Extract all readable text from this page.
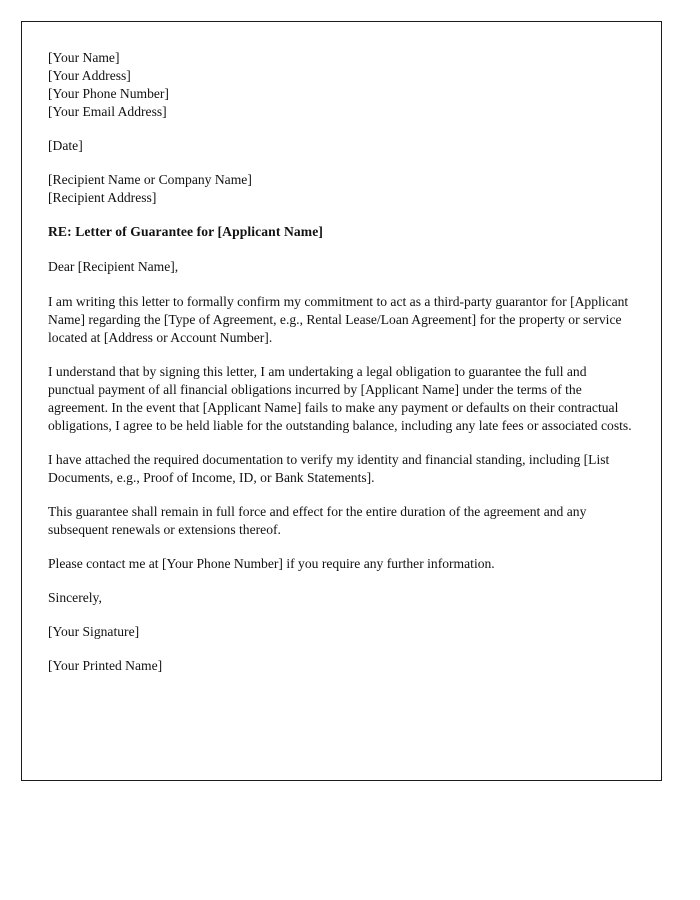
[Your Name]
[Your Address]
[Your Phone Number]
[Your Email Address]
[Date]
[Recipient Name or Company Name]
[Recipient Address]
RE: Letter of Guarantee for [Applicant Name]
Dear [Recipient Name],
I am writing this letter to formally confirm my commitment to act as a third-party guarantor for [Applicant Name] regarding the [Type of Agreement, e.g., Rental Lease/Loan Agreement] for the property or service located at [Address or Account Number].
I understand that by signing this letter, I am undertaking a legal obligation to guarantee the full and punctual payment of all financial obligations incurred by [Applicant Name] under the terms of the agreement. In the event that [Applicant Name] fails to make any payment or defaults on their contractual obligations, I agree to be held liable for the outstanding balance, including any late fees or associated costs.
I have attached the required documentation to verify my identity and financial standing, including [List Documents, e.g., Proof of Income, ID, or Bank Statements].
This guarantee shall remain in full force and effect for the entire duration of the agreement and any subsequent renewals or extensions thereof.
Please contact me at [Your Phone Number] if you require any further information.
Sincerely,
[Your Signature]
[Your Printed Name]
